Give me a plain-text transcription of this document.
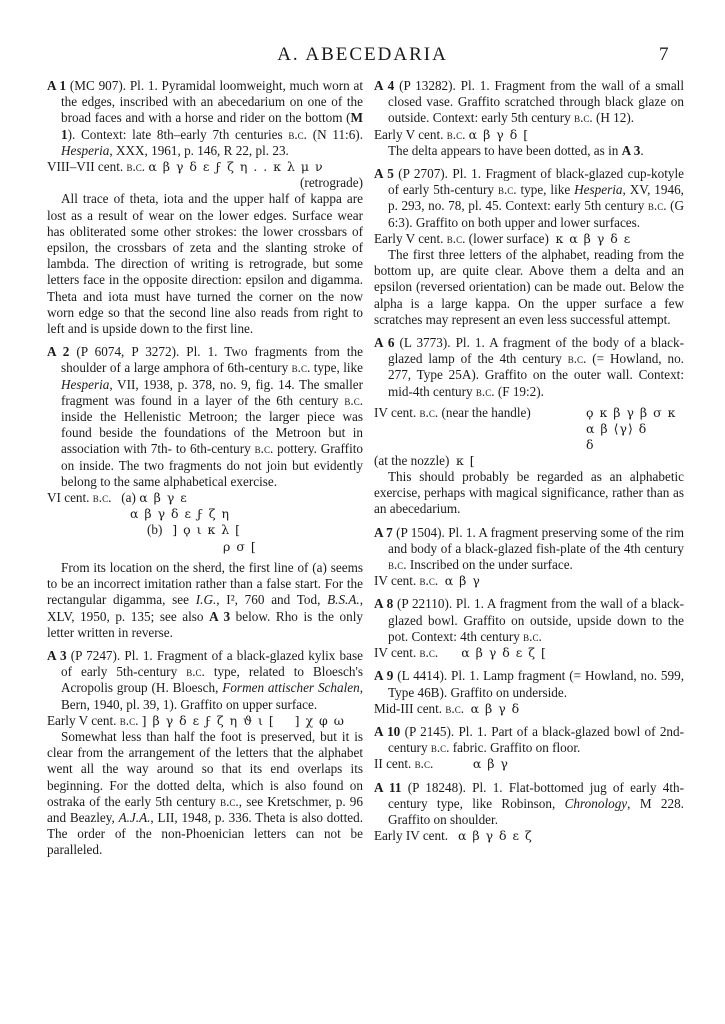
A. ABECEDARIA	7

A 1 (MC 907). Pl. 1. Pyramidal loomweight, much worn at the edges, inscribed with an abecedarium on one of the broad faces and with a horse and rider on the bottom (M 1). Context: late 8th–early 7th centuries b.c. (N 11:6). Hesperia, XXX, 1961, p. 146, R 22, pl. 23.

VIII–VII cent. b.c. α β γ δ ε ϝ ζ η . . κ λ μ ν

(retrograde)

All trace of theta, iota and the upper half of kappa are lost as a result of wear on the lower edges. Surface wear has obliterated some other strokes: the lower crossbars of epsilon, the crossbars of zeta and the slanting stroke of lambda. The direction of writing is retrograde, but some letters face in the opposite direction: epsilon and digamma. Theta and iota must have turned the corner on the now worn edge so that the second line also reads from right to left and is upside down to the first line.

A 2 (P 6074, P 3272). Pl. 1. Two fragments from the shoulder of a large amphora of 6th-century b.c. type, like Hesperia, VII, 1938, p. 378, no. 9, fig. 14. The smaller fragment was found in a layer of the 6th century b.c. inside the Hellenistic Metroon; the larger piece was found beside the foundations of the Metroon but in association with 7th- to 6th-century b.c. pottery. Graffito on inside. The two fragments do not join but evidently belong to the same alphabetical exercise.

VI cent. b.c. (a) α β γ ε

α β γ δ ε ϝ ζ η

(b) ] ϙ ι κ λ [

ρ σ [

From its location on the sherd, the first line of (a) seems to be an incorrect imitation rather than a false start. For the rectangular digamma, see I.G., I², 760 and Tod, B.S.A., XLV, 1950, p. 135; see also A 3 below. Rho is the only letter written in reverse.

A 3 (P 7247). Pl. 1. Fragment of a black-glazed kylix base of early 5th-century b.c. type, related to Bloesch's Acropolis group (H. Bloesch, Formen attischer Schalen, Bern, 1940, pl. 39, 1). Graffito on upper surface.

Early V cent. b.c. ] β γ δ ε ϝ ζ η ϑ ι [    ] χ φ ω

Somewhat less than half the foot is preserved, but it is clear from the arrangement of the letters that the alphabet went all the way around so that its end overlaps its beginning. For the dotted delta, which is also found on ostraka of the early 5th century b.c., see Kretschmer, p. 96 and Beazley, A.J.A., LII, 1948, p. 336. Theta is also dotted. The order of the non-Phoenician letters can not be paralleled.

A 4 (P 13282). Pl. 1. Fragment from the wall of a small closed vase. Graffito scratched through black glaze on outside. Context: early 5th century b.c. (H 12).

Early V cent. b.c. α β γ δ [

The delta appears to have been dotted, as in A 3.

A 5 (P 2707). Pl. 1. Fragment of black-glazed cup-kotyle of early 5th-century b.c. type, like Hesperia, XV, 1946, p. 293, no. 78, pl. 45. Context: early 5th century b.c. (G 6:3). Graffito on both upper and lower surfaces.

Early V cent. b.c. (lower surface) κ α β γ δ ε

The first three letters of the alphabet, reading from the bottom up, are quite clear. Above them a delta and an epsilon (reversed orientation) can be made out. Below the alpha is a large kappa. On the upper surface a few scratches may represent an even less successful attempt.

A 6 (L 3773). Pl. 1. A fragment of the body of a black-glazed lamp of the 4th century b.c. (= Howland, no. 277, Type 25A). Graffito on the outer wall. Context: mid-4th century b.c. (F 19:2).

IV cent. b.c. (near the handle)	ϙ κ β γ β σ κ
α β ⟨γ⟩ δ
δ

(at the nozzle) κ [

This should probably be regarded as an alphabetic exercise, perhaps with magical significance, rather than as an abecedarium.

A 7 (P 1504). Pl. 1. A fragment preserving some of the rim and body of a black-glazed fish-plate of the 4th century b.c. Inscribed on the under surface.

IV cent. b.c. α β γ

A 8 (P 22110). Pl. 1. A fragment from the wall of a black-glazed bowl. Graffito on outside, upside down to the pot. Context: 4th century b.c.

IV cent. b.c. α β γ δ ε ζ [

A 9 (L 4414). Pl. 1. Lamp fragment (= Howland, no. 599, Type 46B). Graffito on underside.

Mid-III cent. b.c. α β γ δ

A 10 (P 2145). Pl. 1. Part of a black-glazed bowl of 2nd-century b.c. fabric. Graffito on floor.

II cent. b.c.	α β γ

A 11 (P 18248). Pl. 1. Flat-bottomed jug of early 4th-century type, like Robinson, Chronology, M 228. Graffito on shoulder.

Early IV cent. α β γ δ ε ζ
